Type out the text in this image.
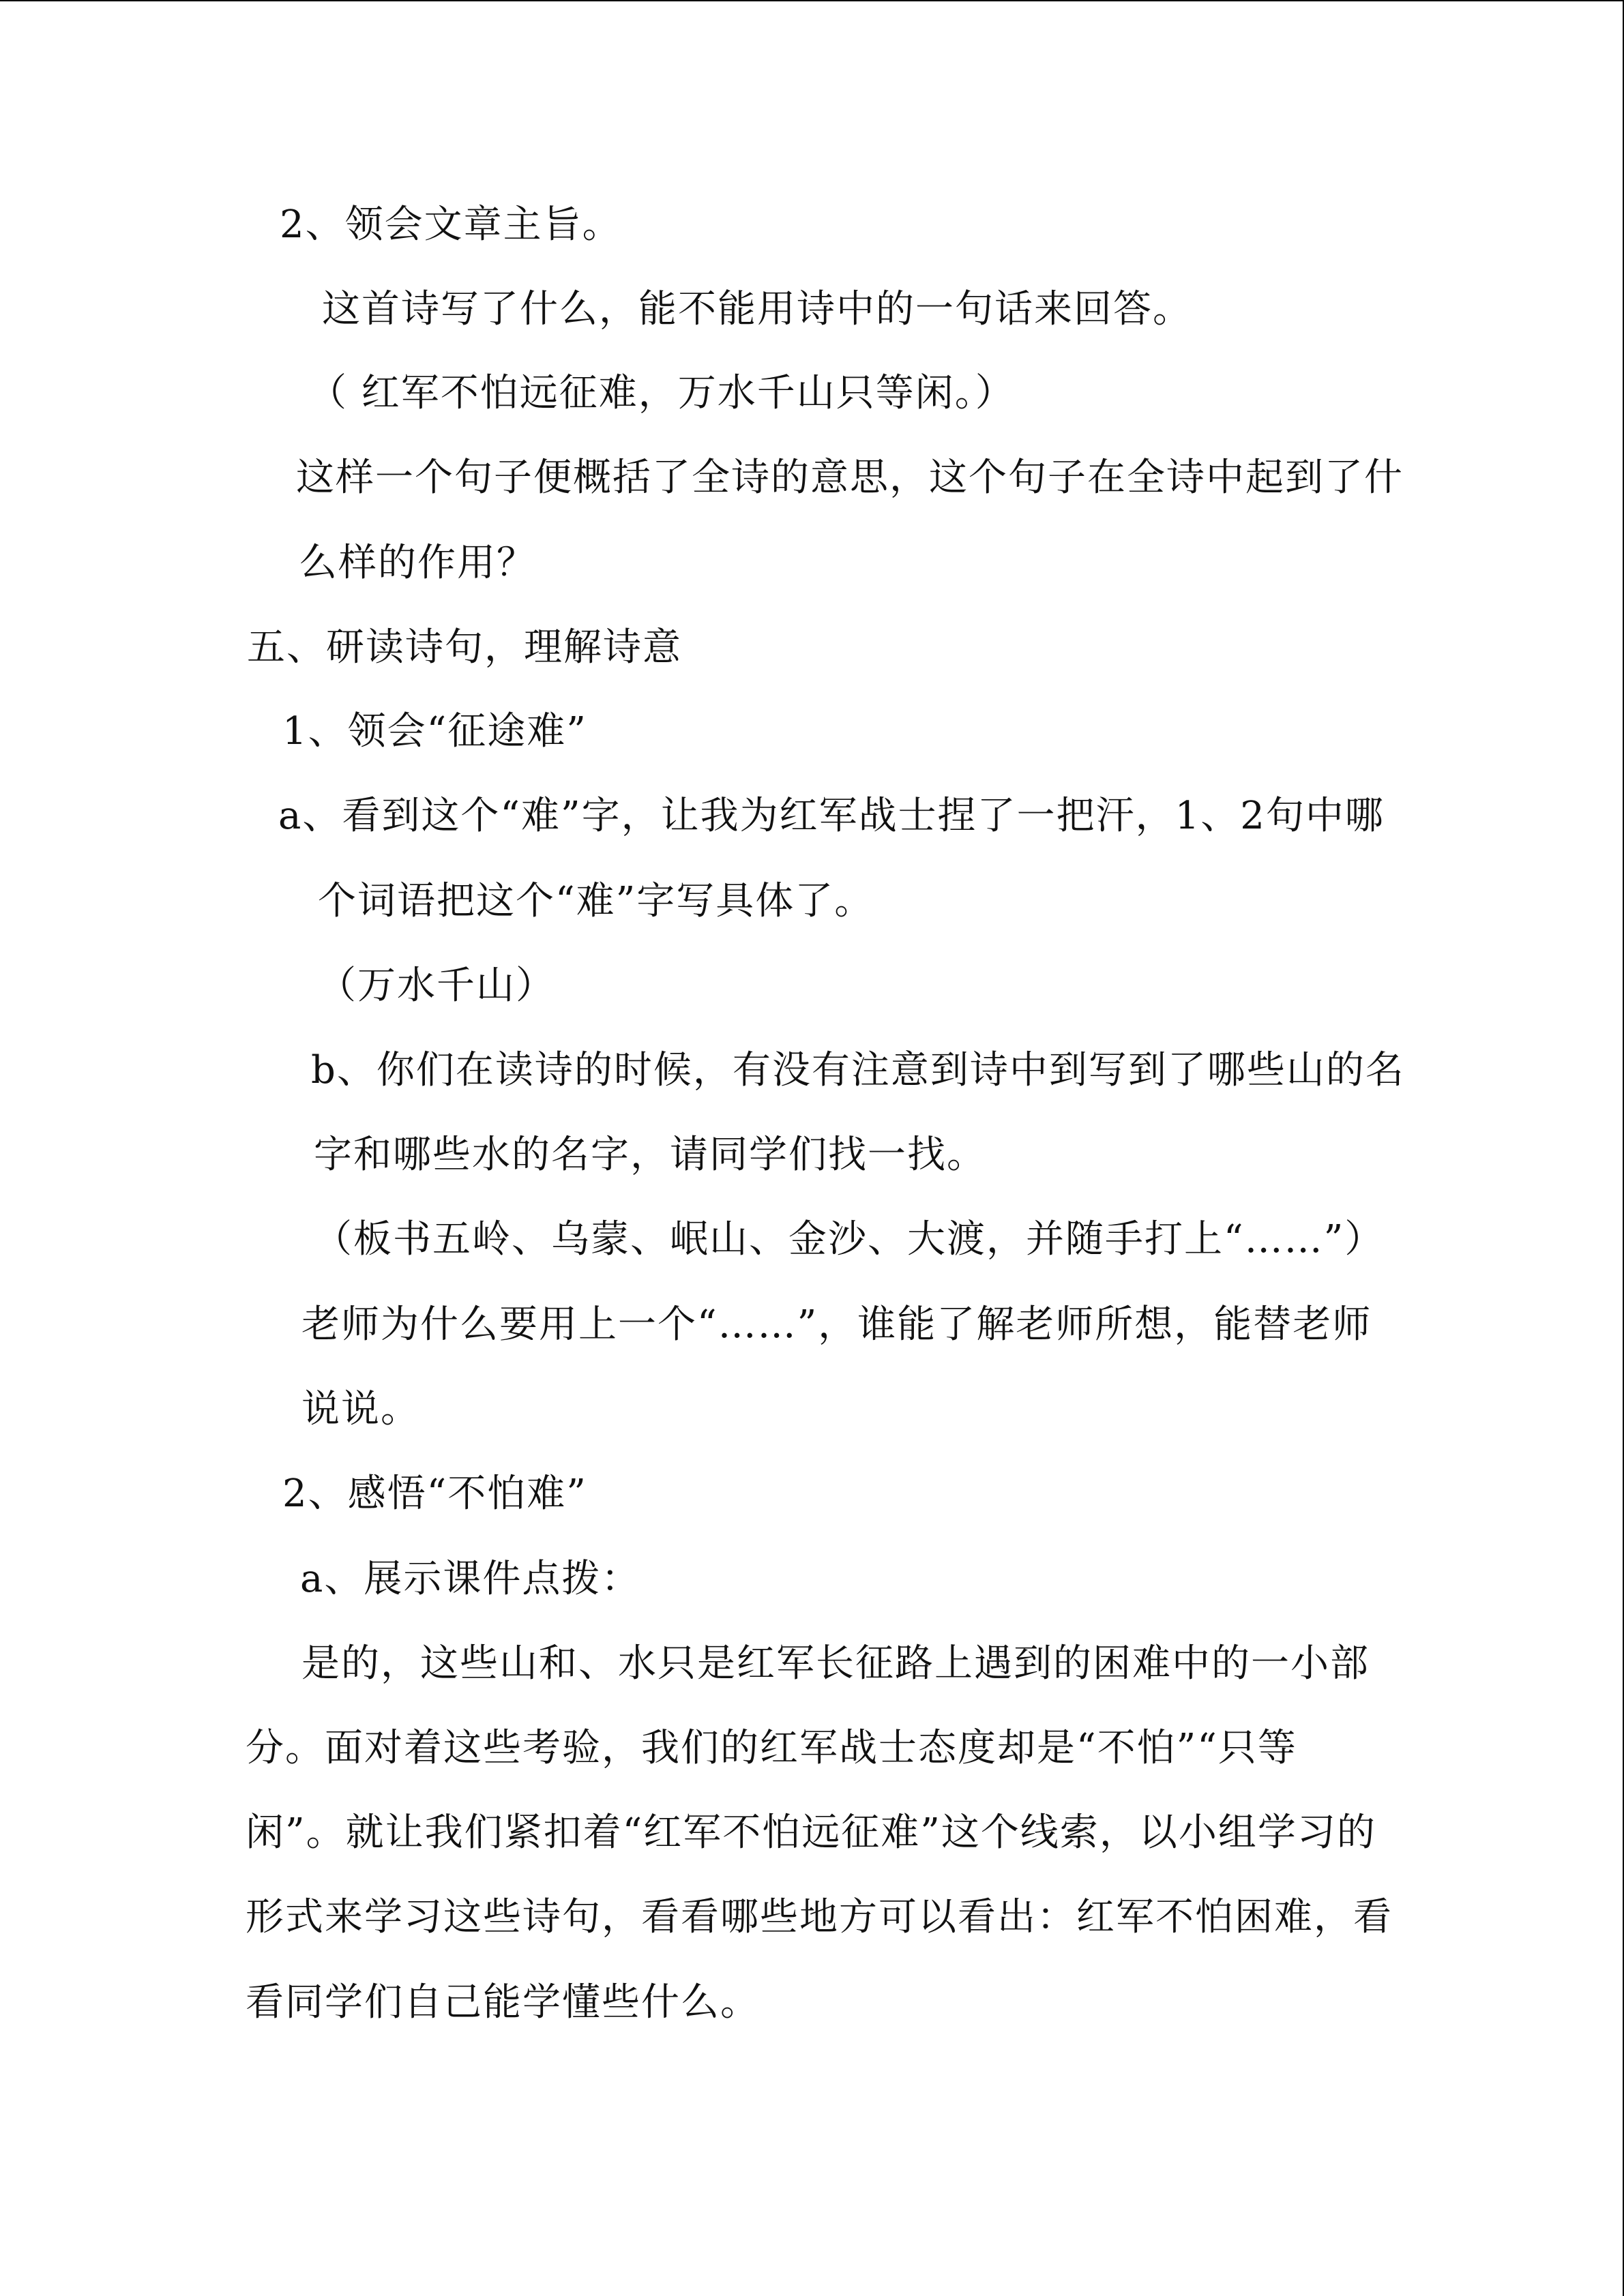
2、领会文章主旨。
这首诗写了什么，能不能用诗中的一句话来回答。
（ 红军不怕远征难，万水千山只等闲。）
这样一个句子便概括了全诗的意思，这个句子在全诗中起到了什
么样的作用？
五、研读诗句，理解诗意
1、领会“征途难”
a、看到这个“难”字，让我为红军战士捏了一把汗，1、2句中哪
个词语把这个“难”字写具体了。
（万水千山）
b、你们在读诗的时候，有没有注意到诗中到写到了哪些山的名
字和哪些水的名字，请同学们找一找。
（板书五岭、乌蒙、岷山、金沙、大渡，并随手打上“……”）
老师为什么要用上一个“……”，谁能了解老师所想，能替老师
说说。
2、感悟“不怕难”
a、展示课件点拨：
是的，这些山和、水只是红军长征路上遇到的困难中的一小部
分。面对着这些考验，我们的红军战士态度却是“不怕”“只等
闲”。就让我们紧扣着“红军不怕远征难”这个线索，以小组学习的
形式来学习这些诗句，看看哪些地方可以看出：红军不怕困难，看
看同学们自己能学懂些什么。
